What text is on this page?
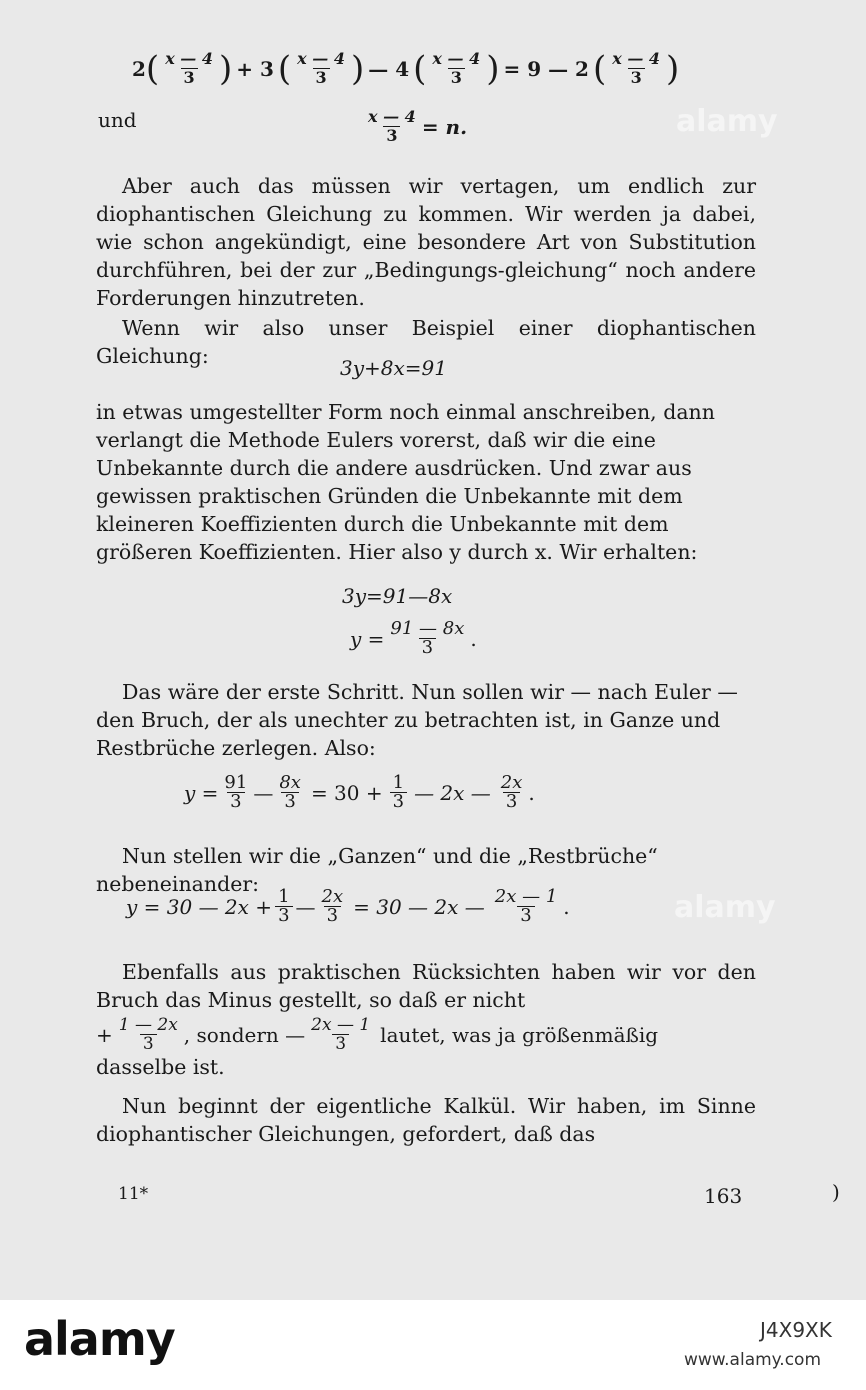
2 ( $\frac{x — 4}{3}$ ) + 3 ( $\frac{x — 4}{3}$ ) — 4 ( $\frac{x — 4}{3}$ ) = 9 — 2 ( $\frac{x — 4}{3}$ )
und	$\frac{x — 4}{3} = n$.

Aber auch das müssen wir vertagen, um endlich zur diophantischen Gleichung zu kommen. Wir werden ja dabei, wie schon angekündigt, eine besondere Art von Substitution durchführen, bei der zur „Bedingungs-gleichung“ noch andere Forderungen hinzutreten.

Wenn wir also unser Beispiel einer diophantischen Gleichung:	3y+8x=91
in etwas umgestellter Form noch einmal anschreiben, dann verlangt die Methode Eulers vorerst, daß wir die eine Unbekannte durch die andere ausdrücken. Und zwar aus gewissen praktischen Gründen die Unbekannte mit dem kleineren Koeffizienten durch die Unbekannte mit dem größeren Koeffizienten. Hier also y durch x. Wir erhalten:
3y=91—8x
$y = \frac{91 — 8x}{3}$ .
Das wäre der erste Schritt. Nun sollen wir — nach Euler — den Bruch, der als unechter zu betrachten ist, in Ganze und Restbrüche zerlegen. Also:
$y = \frac{91}{3}$ — $\frac{8x}{3} = 30 + \frac{1}{3}$ — 2x — $\frac{2x}{3}$ .
Nun stellen wir die „Ganzen“ und die „Restbrüche“ nebeneinander:
y = 30 — $2x + \frac{1}{3}$ — $\frac{2x}{3} = 30$ — 2x — $\frac{2x — 1}{3}$ .

Ebenfalls aus praktischen Rücksichten haben wir vor den Bruch das Minus gestellt, so daß er nicht

+ $\frac{1 — 2x}{3}$ , sondern — $\frac{2x — 1}{3}$ lautet, was ja größenmäßig

dasselbe ist.

Nun beginnt der eigentliche Kalkül. Wir haben, im Sinne diophantischer Gleichungen, gefordert, daß das
11*	163	)
alamy
alamy
alamy	J4X9XK
www.alamy.com
